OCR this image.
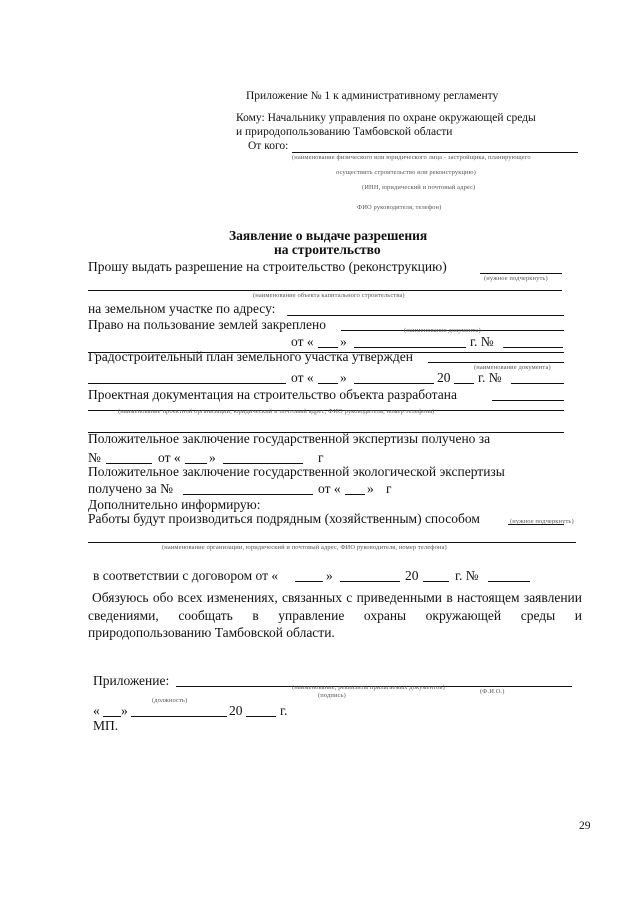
Приложение № 1 к административному регламенту
Кому: Начальнику управления по охране окружающей среды
и природопользованию Тамбовской области
От кого:
(наименование физического или юридического лица - застройщика, планирующего
осуществить строительство или реконструкцию)
(ИНН, юридический и почтовый адрес)
ФИО руководителя, телефон)
Заявление о выдаче разрешения
на строительство
Прошу выдать разрешение на строительство (реконструкцию)
(нужное подчеркнуть)
(наименование объекта капитального строительства)
на земельном участке по адресу:
Право на пользование землей закреплено	(наименование документа)
от « »	г. №
Градостроительный план земельного участка утвержден
(наименование документа)
от « »	20 г. №
Проектная документация на строительство объекта разработана
(наименование проектной организации, юридический и почтовый адрес, ФИО руководителя, номер телефона)
Положительное заключение государственной экспертизы получено за
№	от « »	г
Положительное заключение государственной экологической экспертизы
получено за №	от « » г
Дополнительно информирую:
Работы будут производиться подрядным (хозяйственным) способом	(нужное подчеркнуть)
(наименование организации, юридический и почтовый адрес, ФИО руководителя, номер телефона)
в соответствии с договором от «	»	20	г. №
Обязуюсь обо всех изменениях, связанных с приведенными в настоящем заявлении сведениями, сообщать в управление охраны окружающей среды и природопользованию Тамбовской области.
Приложение:	(наименование, реквизиты прилагаемых документов)
(подпись)
(Ф.И.О.)
(должность)
« »	20	г.
МП.
29
